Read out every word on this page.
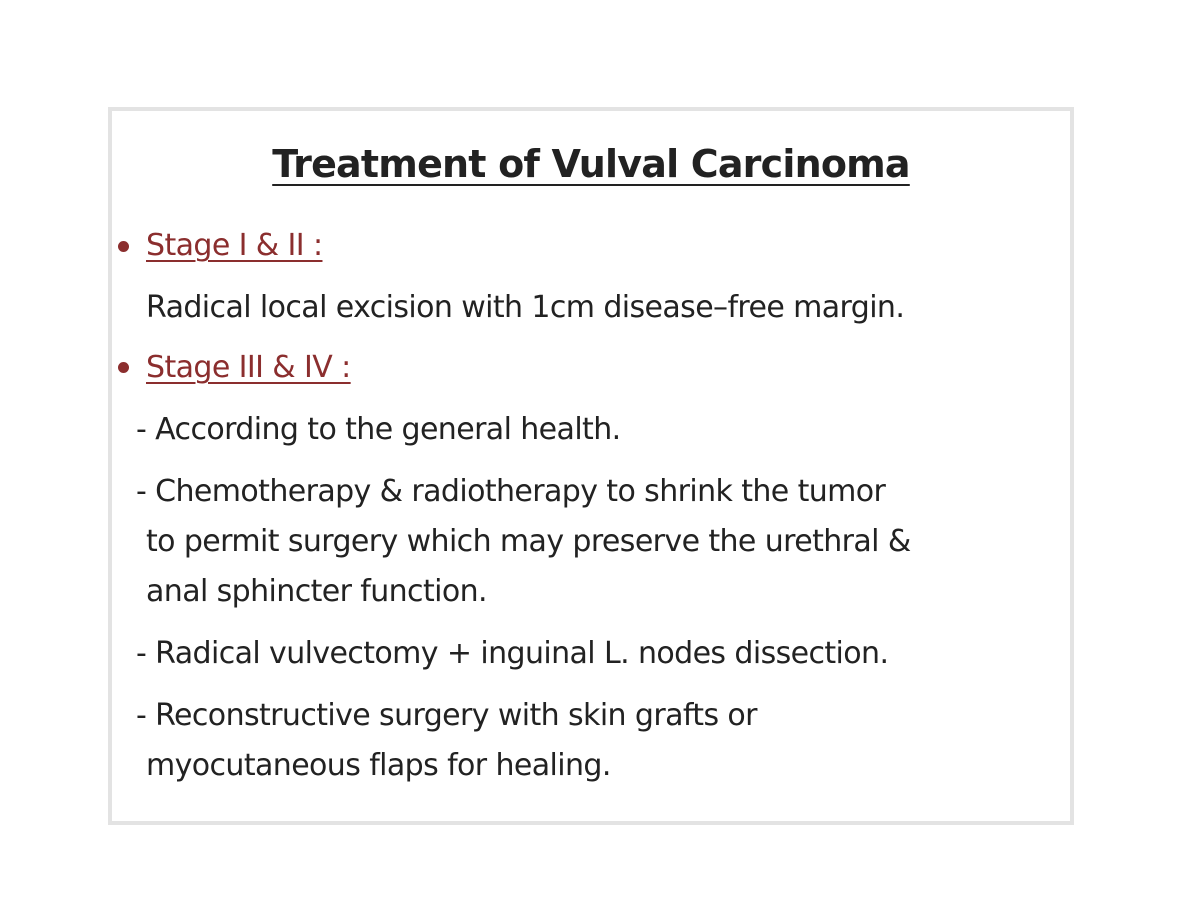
Treatment of Vulval Carcinoma
Stage I & II :
Radical local excision with 1cm disease–free margin.
Stage III & IV :
- According to the general health.
- Chemotherapy & radiotherapy to shrink the tumor
to permit surgery which may preserve the urethral &
anal sphincter function.
- Radical vulvectomy + inguinal L. nodes dissection.
- Reconstructive surgery with skin grafts or
myocutaneous flaps for healing.
